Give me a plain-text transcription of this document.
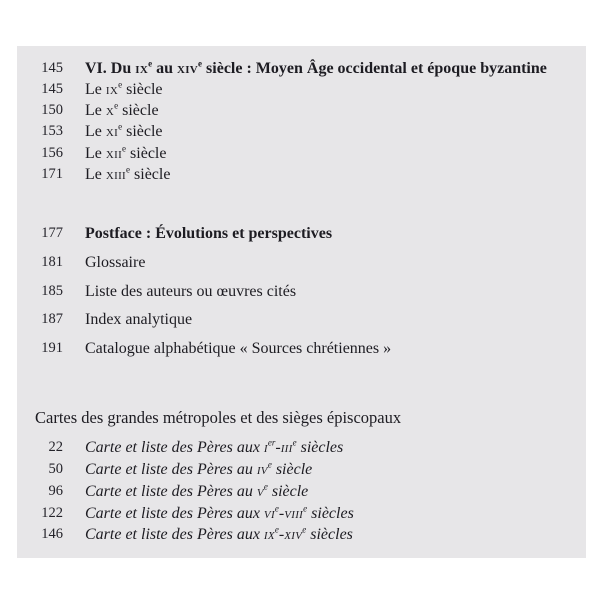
145 VI. Du IXe au XIVe siècle : Moyen Âge occidental et époque byzantine
145 Le IXe siècle
150 Le Xe siècle
153 Le XIe siècle
156 Le XIIe siècle
171 Le XIIIe siècle
177 Postface : Évolutions et perspectives
181 Glossaire
185 Liste des auteurs ou œuvres cités
187 Index analytique
191 Catalogue alphabétique « Sources chrétiennes »
Cartes des grandes métropoles et des sièges épiscopaux
22 Carte et liste des Pères aux Ier-IIIe siècles
50 Carte et liste des Pères au IVe siècle
96 Carte et liste des Pères au Ve siècle
122 Carte et liste des Pères aux VIe-VIIIe siècles
146 Carte et liste des Pères aux IXe-XIVe siècles
